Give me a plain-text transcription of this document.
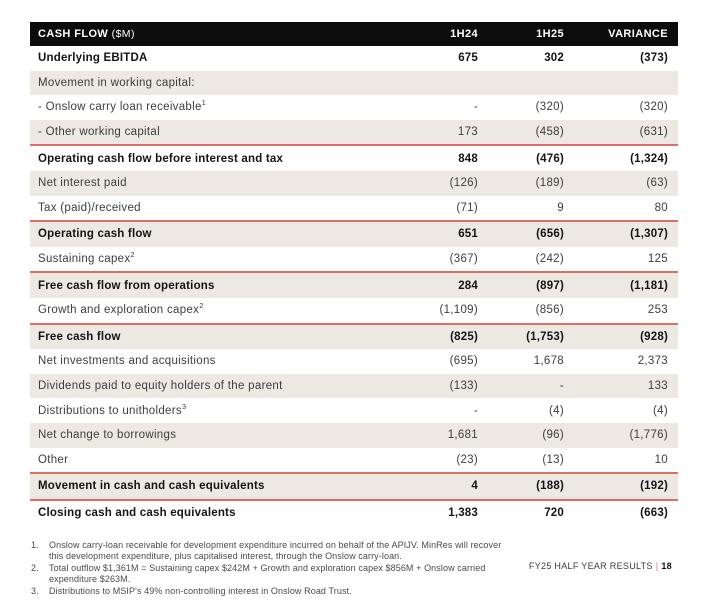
CASH FLOW ($M)	1H24	1H25	VARIANCE
Underlying EBITDA	675	302	(373)
Movement in working capital:			
- Onslow carry loan receivable$^1$	-	(320)	(320)
- Other working capital	173	(458)	(631)
Operating cash flow before interest and tax	848	(476)	(1,324)
Net interest paid	(126)	(189)	(63)
Tax (paid)/received	(71)	9	80
Operating cash flow	651	(656)	(1,307)
Sustaining capex$^2$	(367)	(242)	125
Free cash flow from operations	284	(897)	(1,181)
Growth and exploration capex$^2$	(1,109)	(856)	253
Free cash flow	(825)	(1,753)	(928)
Net investments and acquisitions	(695)	1,678	2,373
Dividends paid to equity holders of the parent	(133)	-	133
Distributions to unitholders$^3$	-	(4)	(4)
Net change to borrowings	1,681	(96)	(1,776)
Other	(23)	(13)	10
Movement in cash and cash equivalents	4	(188)	(192)
Closing cash and cash equivalents	1,383	720	(663)
1.	Onslow carry-loan receivable for development expenditure incurred on behalf of the APIJV. MinRes will recover this development expenditure, plus capitalised interest, through the Onslow carry-loan.
2.	Total outflow $1,361M = Sustaining capex $242M + Growth and exploration capex $856M + Onslow carried expenditure $263M.
3.	Distributions to MSIP's 49% non-controlling interest in Onslow Road Trust.
FY25 HALF YEAR RESULTS | 18
